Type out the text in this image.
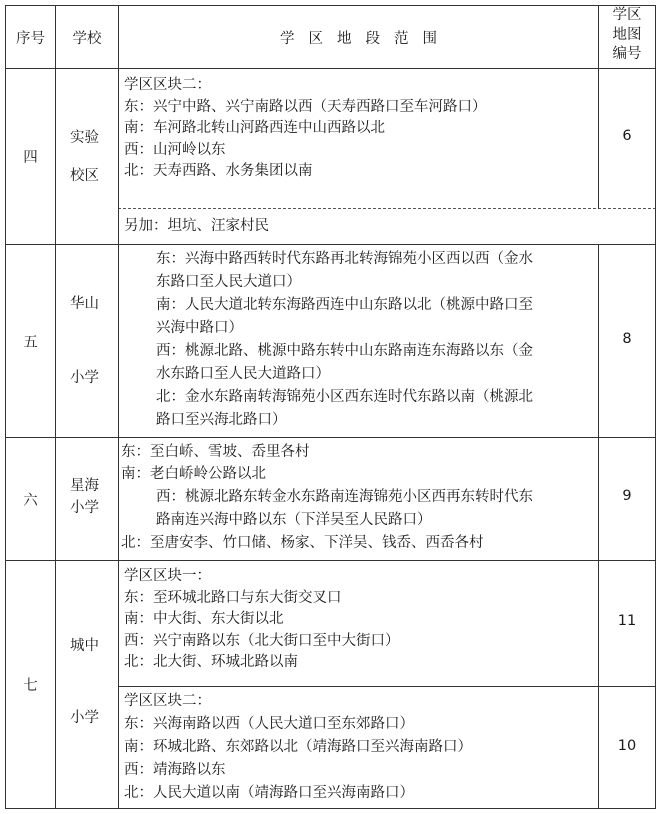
序号 学校	学区地段范围
学区
地图
编号
四
实验
校区
学区区块二：
东：兴宁中路、兴宁南路以西（天寿西路口至车河路口）
南：车河路北转山河路西连中山西路以北
西：山河岭以东
北：天寿西路、水务集团以南
6
另加：坦坑、汪家村民
五
华山
小学
东：兴海中路西转时代东路再北转海锦苑小区西以西（金水
东路口至人民大道口）
南：人民大道北转东海路西连中山东路以北（桃源中路口至
兴海中路口）
西：桃源北路、桃源中路东转中山东路南连东海路以东（金
水东路口至人民大道路口）
北：金水东路南转海锦苑小区西东连时代东路以南（桃源北
路口至兴海北路口）
8
六
星海
小学
东：至白峤、雪坡、岙里各村
南：老白峤岭公路以北
西：桃源北路东转金水东路南连海锦苑小区西再东转时代东
路南连兴海中路以东（下洋吴至人民路口）
北：至唐安李、竹口储、杨家、下洋吴、钱岙、西岙各村
9
七
城中
小学
学区区块一：
东：至环城北路口与东大街交叉口
南：中大街、东大街以北
西：兴宁南路以东（北大街口至中大街口）
北：北大街、环城北路以南
11
学区区块二：
东：兴海南路以西（人民大道口至东郊路口）
南：环城北路、东郊路以北（靖海路口至兴海南路口）
西：靖海路以东
北：人民大道以南（靖海路口至兴海南路口）
10
